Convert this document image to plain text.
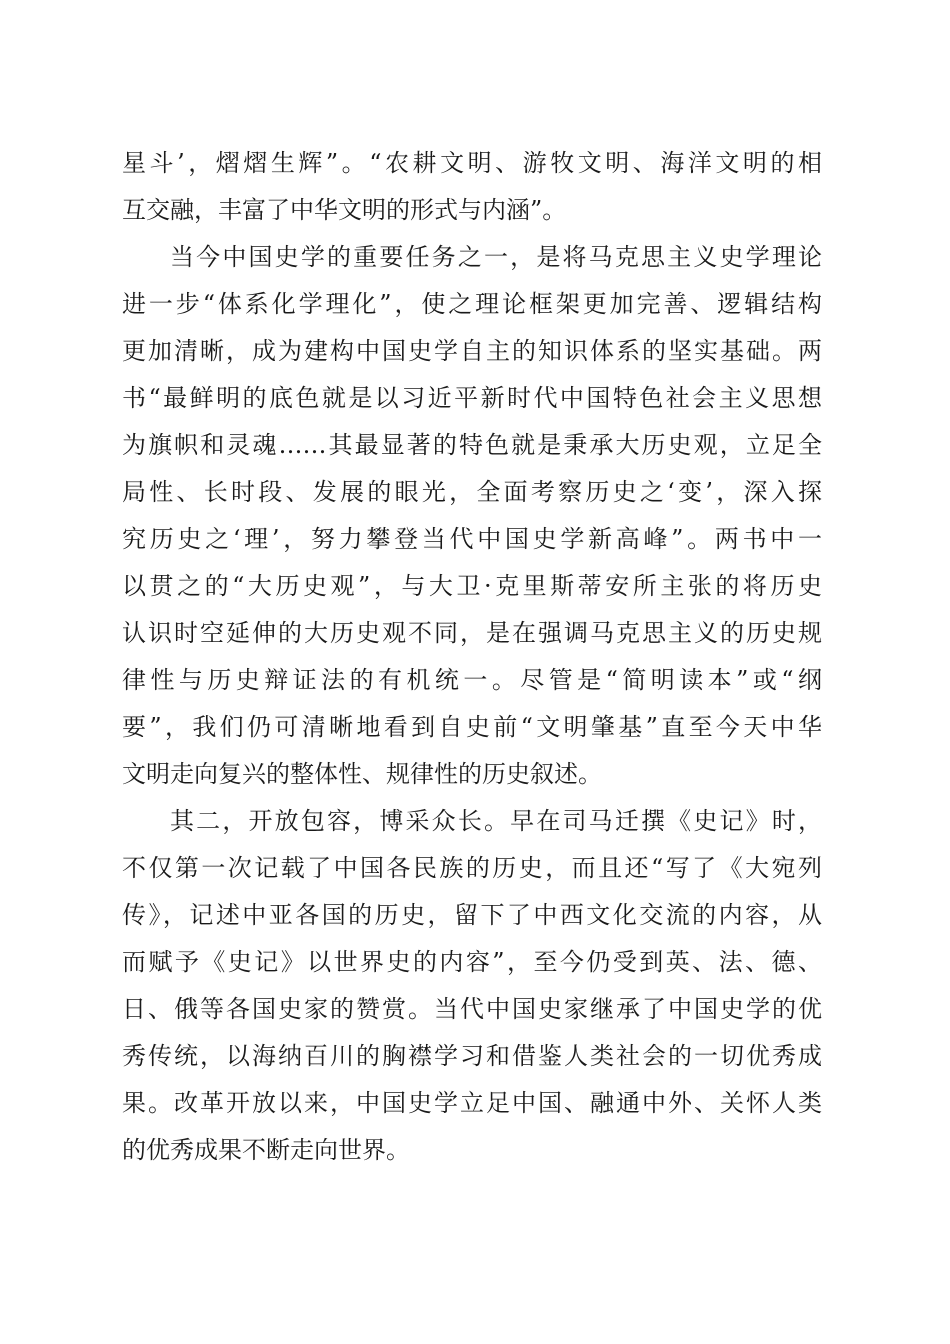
星斗’，熠熠生辉”。“农耕文明、游牧文明、海洋文明的相
互交融，丰富了中华文明的形式与内涵”。
当今中国史学的重要任务之一，是将马克思主义史学理论
进一步“体系化学理化”，使之理论框架更加完善、逻辑结构
更加清晰，成为建构中国史学自主的知识体系的坚实基础。两
书“最鲜明的底色就是以习近平新时代中国特色社会主义思想
为旗帜和灵魂……其最显著的特色就是秉承大历史观，立足全
局性、长时段、发展的眼光，全面考察历史之‘变’，深入探
究历史之‘理’，努力攀登当代中国史学新高峰”。两书中一
以贯之的“大历史观”，与大卫·克里斯蒂安所主张的将历史
认识时空延伸的大历史观不同，是在强调马克思主义的历史规
律性与历史辩证法的有机统一。尽管是“简明读本”或“纲
要”，我们仍可清晰地看到自史前“文明肇基”直至今天中华
文明走向复兴的整体性、规律性的历史叙述。
其二，开放包容，博采众长。早在司马迁撰《史记》时，
不仅第一次记载了中国各民族的历史，而且还“写了《大宛列
传》，记述中亚各国的历史，留下了中西文化交流的内容，从
而赋予《史记》以世界史的内容”，至今仍受到英、法、德、
日、俄等各国史家的赞赏。当代中国史家继承了中国史学的优
秀传统，以海纳百川的胸襟学习和借鉴人类社会的一切优秀成
果。改革开放以来，中国史学立足中国、融通中外、关怀人类
的优秀成果不断走向世界。
